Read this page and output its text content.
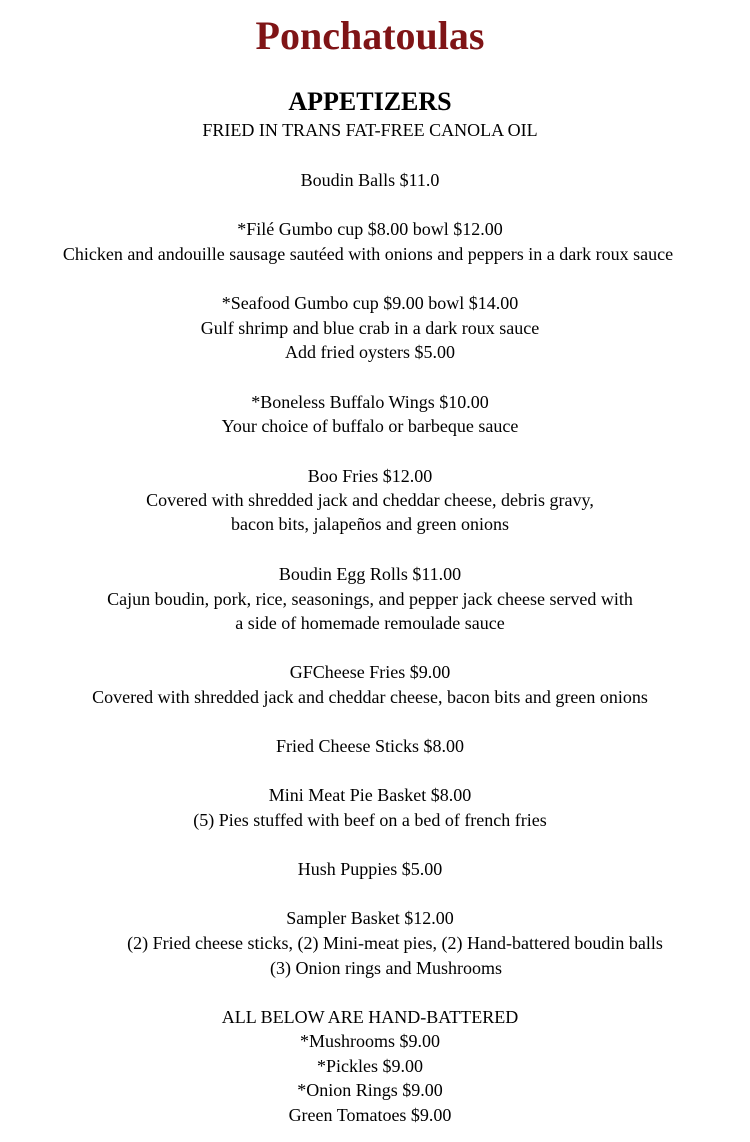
Ponchatoulas
APPETIZERS
FRIED IN TRANS FAT-FREE CANOLA OIL
Boudin Balls $11.0
*Filé Gumbo cup $8.00 bowl $12.00
Chicken and andouille sausage sautéed with onions and peppers in a dark roux sauce
*Seafood Gumbo cup $9.00 bowl $14.00
Gulf shrimp and blue crab in a dark roux sauce
Add fried oysters $5.00
*Boneless Buffalo Wings $10.00
Your choice of buffalo or barbeque sauce
Boo Fries $12.00
Covered with shredded jack and cheddar cheese, debris gravy,
bacon bits, jalapeños and green onions
Boudin Egg Rolls $11.00
Cajun boudin, pork, rice, seasonings, and pepper jack cheese served with
a side of homemade remoulade sauce
GFCheese Fries $9.00
Covered with shredded jack and cheddar cheese, bacon bits and green onions
Fried Cheese Sticks $8.00
Mini Meat Pie Basket $8.00
(5) Pies stuffed with beef on a bed of french fries
Hush Puppies $5.00
Sampler Basket $12.00
(2) Fried cheese sticks, (2) Mini-meat pies, (2) Hand-battered boudin balls
(3) Onion rings and Mushrooms
ALL BELOW ARE HAND-BATTERED
*Mushrooms $9.00
*Pickles $9.00
*Onion Rings $9.00
Green Tomatoes $9.00
